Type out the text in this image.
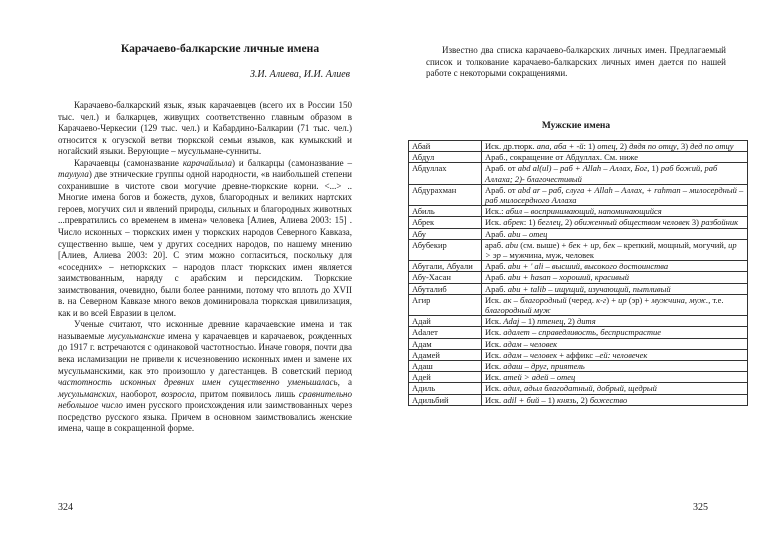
Карачаево-балкарские личные имена
З.И. Алиева, И.И. Алиев

Карачаево-балкарский язык, язык карачаевцев (всего их в России 150 тыс. чел.) и балкарцев, живущих соответственно главным образом в Карачаево-Черкесии (129 тыс. чел.) и Кабардино-Балкарии (71 тыс. чел.) относится к огузской ветви тюркской семьи языков, как кумыкский и ногайский языки. Верующие – мусульмане-сунниты.

Карачаевцы (самоназвание карачайлыла) и балкарцы (самоназвание – таулула) две этнические группы одной народности, «в наибольшей степени сохранившие в чистоте свои могучие древне-тюркские корни. <...> .. Многие имена богов и божеств, духов, благородных и великих нартских героев, могучих сил и явлений природы, сильных и благородных животных ...превратились со временем в имена» человека [Алиев, Алиева 2003: 15] . Число исконных – тюркских имен у тюркских народов Северного Кавказа, существенно выше, чем у других соседних народов, по нашему мнению [Алиев, Алиева 2003: 20]. С этим можно согласиться, поскольку для «соседних» – нетюркских – народов пласт тюркских имен является заимствованным, наряду с арабским и персидским. Тюркские заимствования, очевидно, были более ранними, потому что вплоть до XVII в. на Северном Кавказе много веков доминировала тюркская цивилизация, как и во всей Евразии в целом.

Ученые считают, что исконные древние карачаевские имена и так называемые мусульманские имена у карачаевцев и карачаевок, рожденных до 1917 г. встречаются с одинаковой частотностью. Иначе говоря, почти два века исламизации не привели к исчезновению исконных имен и замене их мусульманскими, как это произошло у дагестанцев. В советский период частотность исконных древних имен существенно уменьшалась, а мусульманских, наоборот, возросла, притом появилось лишь сравнительно небольшое число имен русского происхождения или заимствованных через посредство русского языка. Причем в основном заимствовались женские имена, чаще в сокращенной форме.

324

Известно два списка карачаево-балкарских личных имен. Предлагаемый список и толкование карачаево-балкарских личных имен дается по нашей работе с некоторыми сокращениями.

Мужские имена
Абай	Иск. др.тюрк. апа, аба + -й: 1) отец, 2) дядя по отцу, 3) дед по отцу
Абдул	Араб., сокращение от Абдуллах. См. ниже
Абдуллах	Араб. от abd al(ul) – раб + Allah – Аллах, Бог, 1) раб божий, раб Аллаха; 2)- благочестивый
Абдурахман	Араб. от abd ar – раб, слуга + Allah – Аллах, + rahman – милосердный – раб милосердного Аллаха
Абиль	Иск.: абил – воспринимающий, напоминающийся
Абрек	Иск. абрек: 1) беглец, 2) обиженный обществом человек 3) разбойник
Абу	Араб. abu – отец
Абубекир	араб. abu (см. выше) + бек + ир, бек – крепкий, мощный, могучий, ир > эр – мужчина, муж, человек
Абугали, Абуали	Араб. abu + ' ali – высший, высокого достоинства
Абу-Хасан	Араб. abu + hasan – хороший, красивый
Абуталиб	Араб. abu + talib – ищущий, изучающий, пытливый
Агир	Иск. ак – благородный (черед. к-г) + ир (эр) + мужчина, муж., т.е. благородный муж
Адай	Иск. Adaj – 1) птенец, 2) дитя
Adaлет	Иск. адалет – справедливость, беспристрастие
Адам	Иск. адам – человек
Адамей	Иск. адам – человек + аффикс –ей: человечек
Адаш	Иск. адаш – друг, приятель
Адей	Иск. атей > адей – отец
Адиль	Иск. адил, адыл благодатный, добрый, щедрый
Адильбий	Иск. adil + бий – 1) князь, 2) божество
325
